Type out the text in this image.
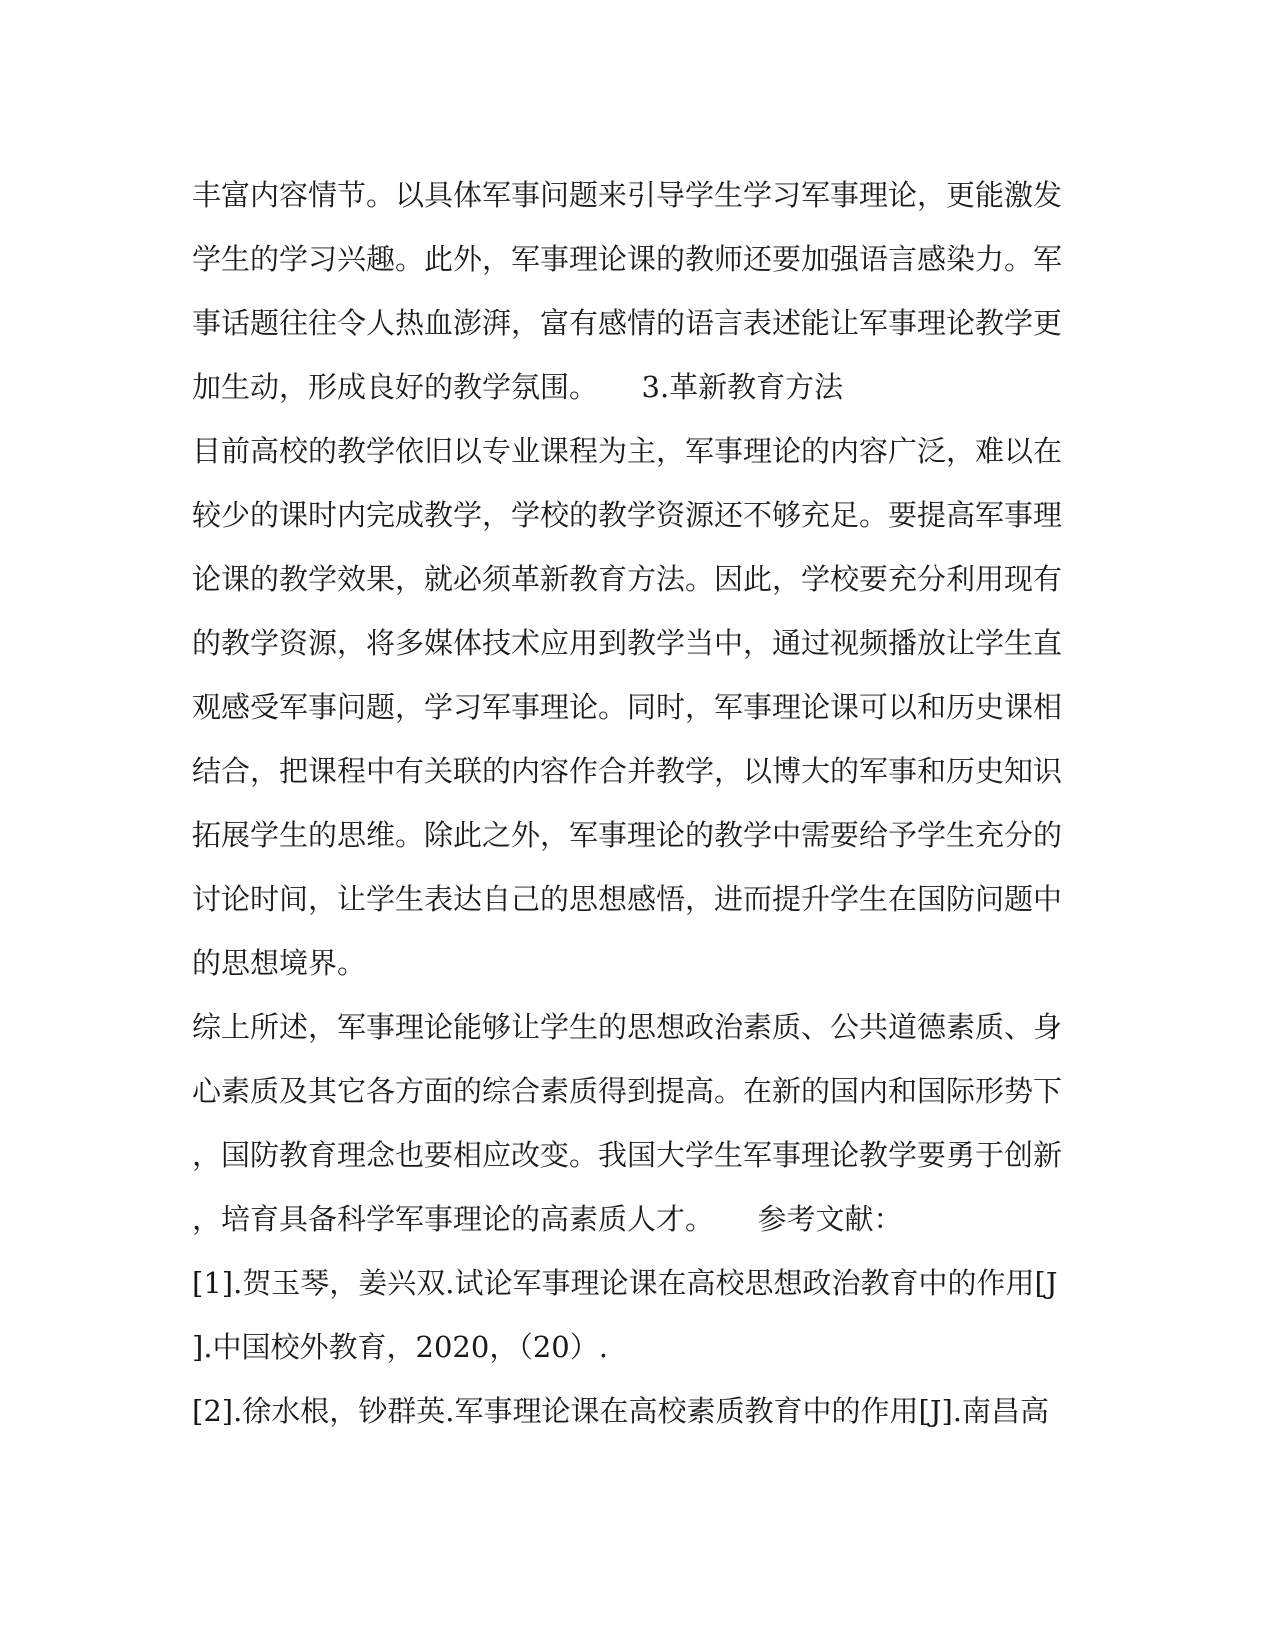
丰富内容情节。以具体军事问题来引导学生学习军事理论，更能激发
学生的学习兴趣。此外，军事理论课的教师还要加强语言感染力。军
事话题往往令人热血澎湃，富有感情的语言表述能让军事理论教学更
加生动，形成良好的教学氛围。　　3.革新教育方法
目前高校的教学依旧以专业课程为主，军事理论的内容广泛，难以在
较少的课时内完成教学，学校的教学资源还不够充足。要提高军事理
论课的教学效果，就必须革新教育方法。因此，学校要充分利用现有
的教学资源，将多媒体技术应用到教学当中，通过视频播放让学生直
观感受军事问题，学习军事理论。同时，军事理论课可以和历史课相
结合，把课程中有关联的内容作合并教学，以博大的军事和历史知识
拓展学生的思维。除此之外，军事理论的教学中需要给予学生充分的
讨论时间，让学生表达自己的思想感悟，进而提升学生在国防问题中
的思想境界。
综上所述，军事理论能够让学生的思想政治素质、公共道德素质、身
心素质及其它各方面的综合素质得到提高。在新的国内和国际形势下
，国防教育理念也要相应改变。我国大学生军事理论教学要勇于创新
，培育具备科学军事理论的高素质人才。　　参考文献：
[1].贺玉琴，姜兴双.试论军事理论课在高校思想政治教育中的作用[J
].中国校外教育，2020，（20）.
[2].徐水根，钞群英.军事理论课在高校素质教育中的作用[J].南昌高
